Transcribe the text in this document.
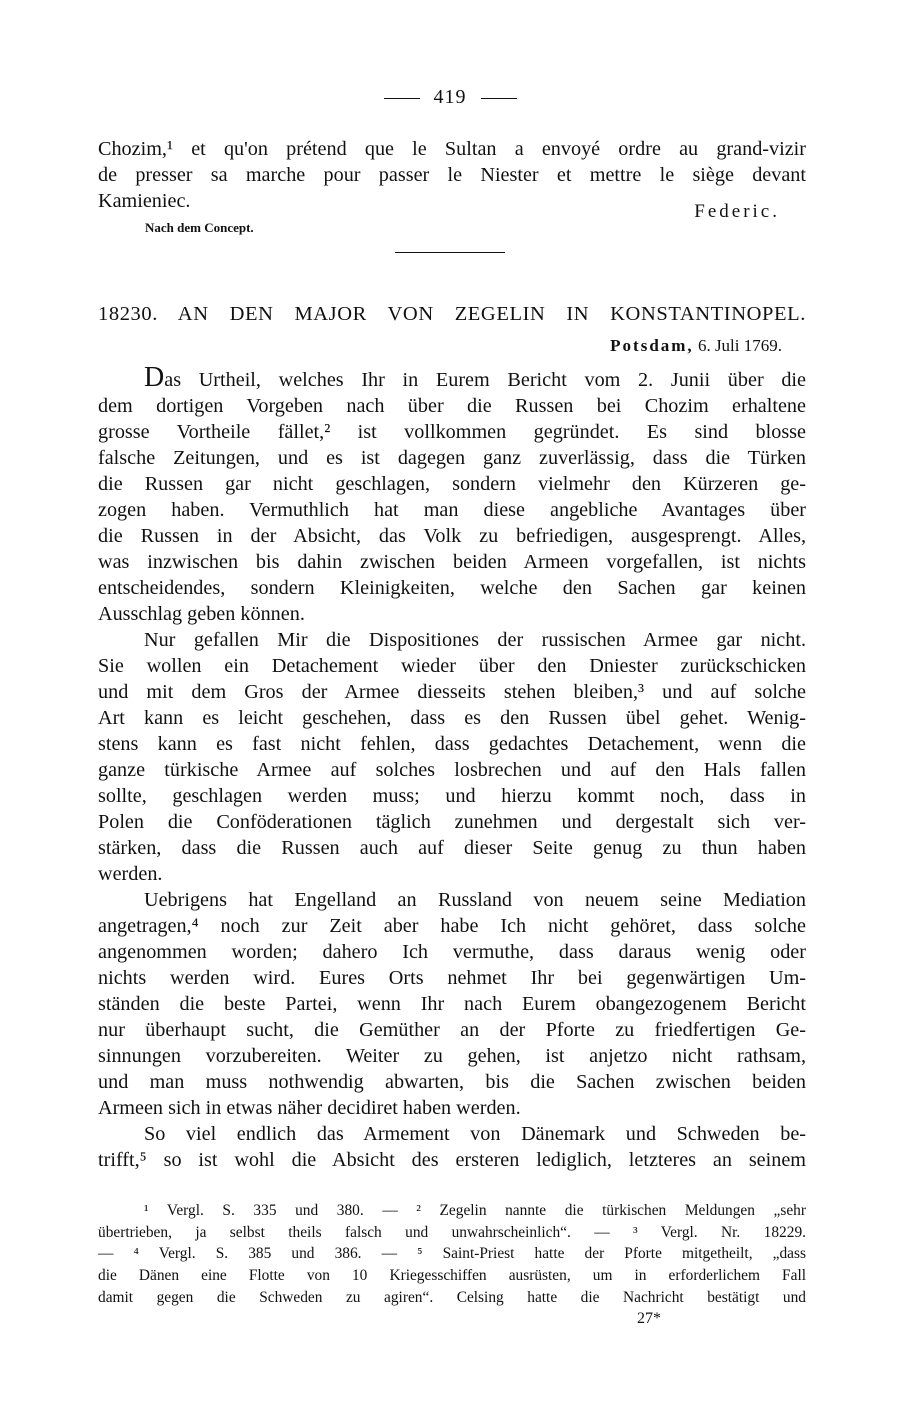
419
Chozim,¹ et qu'on prétend que le Sultan a envoyé ordre au grand-vizir
de presser sa marche pour passer le Niester et mettre le siège devant
Kamieniec.	Federic.
Nach dem Concept.
18230. AN DEN MAJOR VON ZEGELIN IN KONSTANTINOPEL.
Potsdam, 6. Juli 1769.
Das Urtheil, welches Ihr in Eurem Bericht vom 2. Junii über die
dem dortigen Vorgeben nach über die Russen bei Chozim erhaltene
grosse Vortheile fället,² ist vollkommen gegründet. Es sind blosse
falsche Zeitungen, und es ist dagegen ganz zuverlässig, dass die Türken
die Russen gar nicht geschlagen, sondern vielmehr den Kürzeren ge-
zogen haben. Vermuthlich hat man diese angebliche Avantages über
die Russen in der Absicht, das Volk zu befriedigen, ausgesprengt. Alles,
was inzwischen bis dahin zwischen beiden Armeen vorgefallen, ist nichts
entscheidendes, sondern Kleinigkeiten, welche den Sachen gar keinen
Ausschlag geben können.
Nur gefallen Mir die Dispositiones der russischen Armee gar nicht.
Sie wollen ein Detachement wieder über den Dniester zurückschicken
und mit dem Gros der Armee diesseits stehen bleiben,³ und auf solche
Art kann es leicht geschehen, dass es den Russen übel gehet. Wenig-
stens kann es fast nicht fehlen, dass gedachtes Detachement, wenn die
ganze türkische Armee auf solches losbrechen und auf den Hals fallen
sollte, geschlagen werden muss; und hierzu kommt noch, dass in
Polen die Conföderationen täglich zunehmen und dergestalt sich ver-
stärken, dass die Russen auch auf dieser Seite genug zu thun haben
werden.
Uebrigens hat Engelland an Russland von neuem seine Mediation
angetragen,⁴ noch zur Zeit aber habe Ich nicht gehöret, dass solche
angenommen worden; dahero Ich vermuthe, dass daraus wenig oder
nichts werden wird. Eures Orts nehmet Ihr bei gegenwärtigen Um-
ständen die beste Partei, wenn Ihr nach Eurem obangezogenem Bericht
nur überhaupt sucht, die Gemüther an der Pforte zu friedfertigen Ge-
sinnungen vorzubereiten. Weiter zu gehen, ist anjetzo nicht rathsam,
und man muss nothwendig abwarten, bis die Sachen zwischen beiden
Armeen sich in etwas näher decidiret haben werden.
So viel endlich das Armement von Dänemark und Schweden be-
trifft,⁵ so ist wohl die Absicht des ersteren lediglich, letzteres an seinem
¹ Vergl. S. 335 und 380. — ² Zegelin nannte die türkischen Meldungen „sehr
übertrieben, ja selbst theils falsch und unwahrscheinlich“. — ³ Vergl. Nr. 18229.
— ⁴ Vergl. S. 385 und 386. — ⁵ Saint-Priest hatte der Pforte mitgetheilt, „dass
die Dänen eine Flotte von 10 Kriegesschiffen ausrüsten, um in erforderlichem Fall
damit gegen die Schweden zu agiren“. Celsing hatte die Nachricht bestätigt und
27*
